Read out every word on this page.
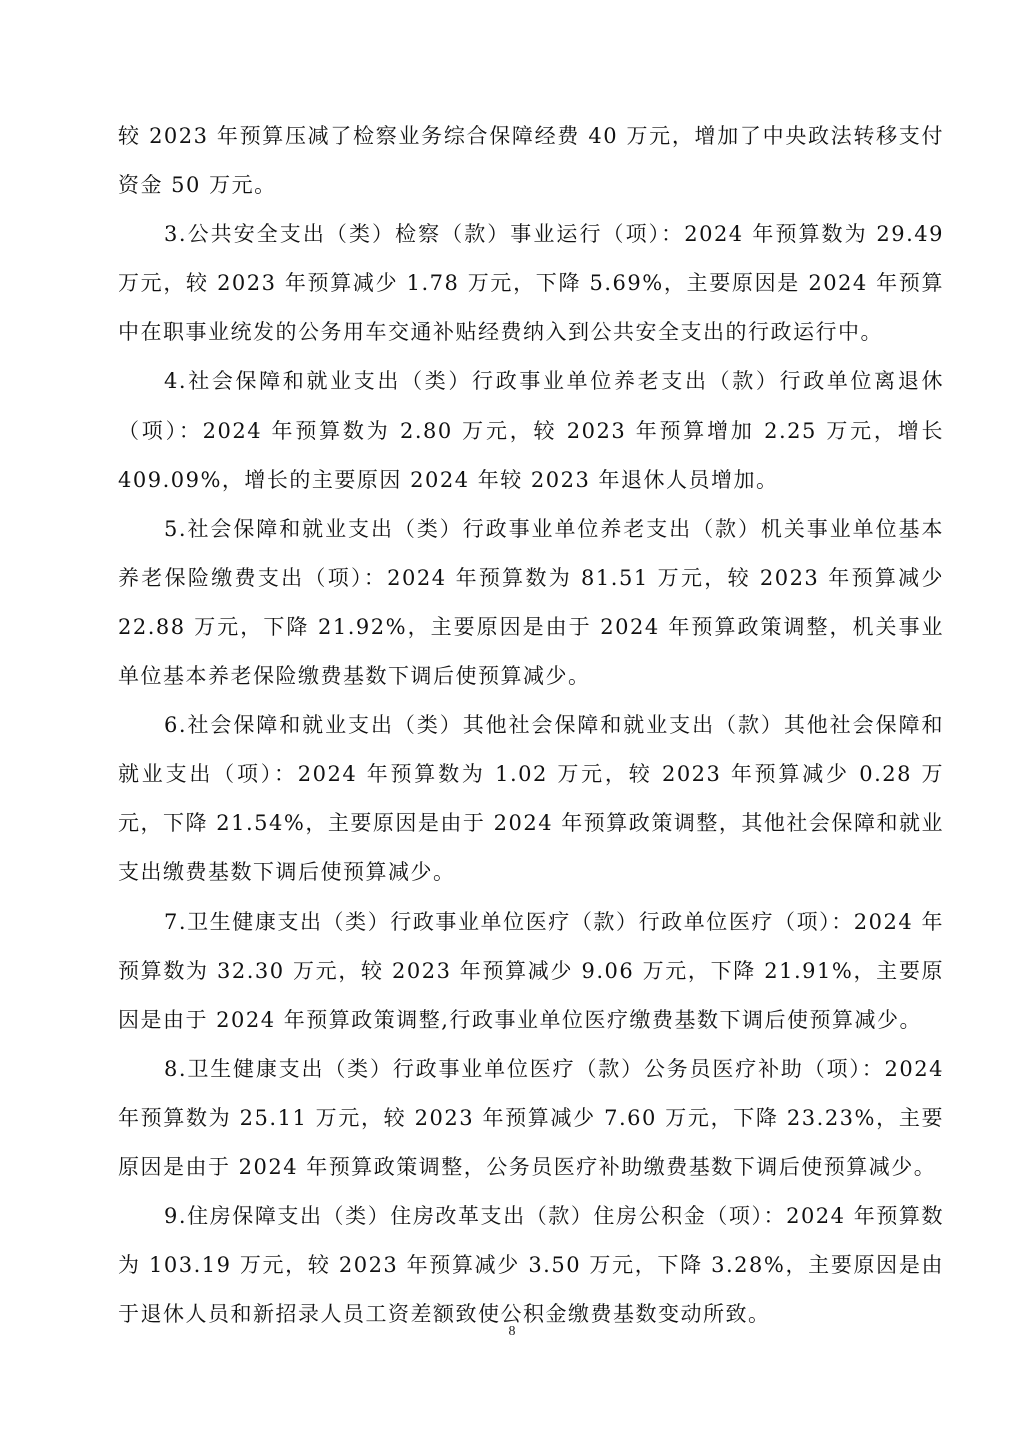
较 2023 年预算压减了检察业务综合保障经费 40 万元，增加了中央政法转移支付资金 50 万元。

3.公共安全支出（类）检察（款）事业运行（项）：2024 年预算数为 29.49 万元，较 2023 年预算减少 1.78 万元，下降 5.69%，主要原因是 2024 年预算中在职事业统发的公务用车交通补贴经费纳入到公共安全支出的行政运行中。

4.社会保障和就业支出（类）行政事业单位养老支出（款）行政单位离退休（项）：2024 年预算数为 2.80 万元，较 2023 年预算增加 2.25 万元，增长 409.09%，增长的主要原因 2024 年较 2023 年退休人员增加。

5.社会保障和就业支出（类）行政事业单位养老支出（款）机关事业单位基本养老保险缴费支出（项）：2024 年预算数为 81.51 万元，较 2023 年预算减少 22.88 万元，下降 21.92%，主要原因是由于 2024 年预算政策调整，机关事业单位基本养老保险缴费基数下调后使预算减少。

6.社会保障和就业支出（类）其他社会保障和就业支出（款）其他社会保障和就业支出（项）：2024 年预算数为 1.02 万元，较 2023 年预算减少 0.28 万元，下降 21.54%，主要原因是由于 2024 年预算政策调整，其他社会保障和就业支出缴费基数下调后使预算减少。

7.卫生健康支出（类）行政事业单位医疗（款）行政单位医疗（项）：2024 年预算数为 32.30 万元，较 2023 年预算减少 9.06 万元，下降 21.91%，主要原因是由于 2024 年预算政策调整,行政事业单位医疗缴费基数下调后使预算减少。

8.卫生健康支出（类）行政事业单位医疗（款）公务员医疗补助（项）：2024 年预算数为 25.11 万元，较 2023 年预算减少 7.60 万元，下降 23.23%，主要原因是由于 2024 年预算政策调整，公务员医疗补助缴费基数下调后使预算减少。

9.住房保障支出（类）住房改革支出（款）住房公积金（项）：2024 年预算数为 103.19 万元，较 2023 年预算减少 3.50 万元，下降 3.28%，主要原因是由于退休人员和新招录人员工资差额致使公积金缴费基数变动所致。

8
